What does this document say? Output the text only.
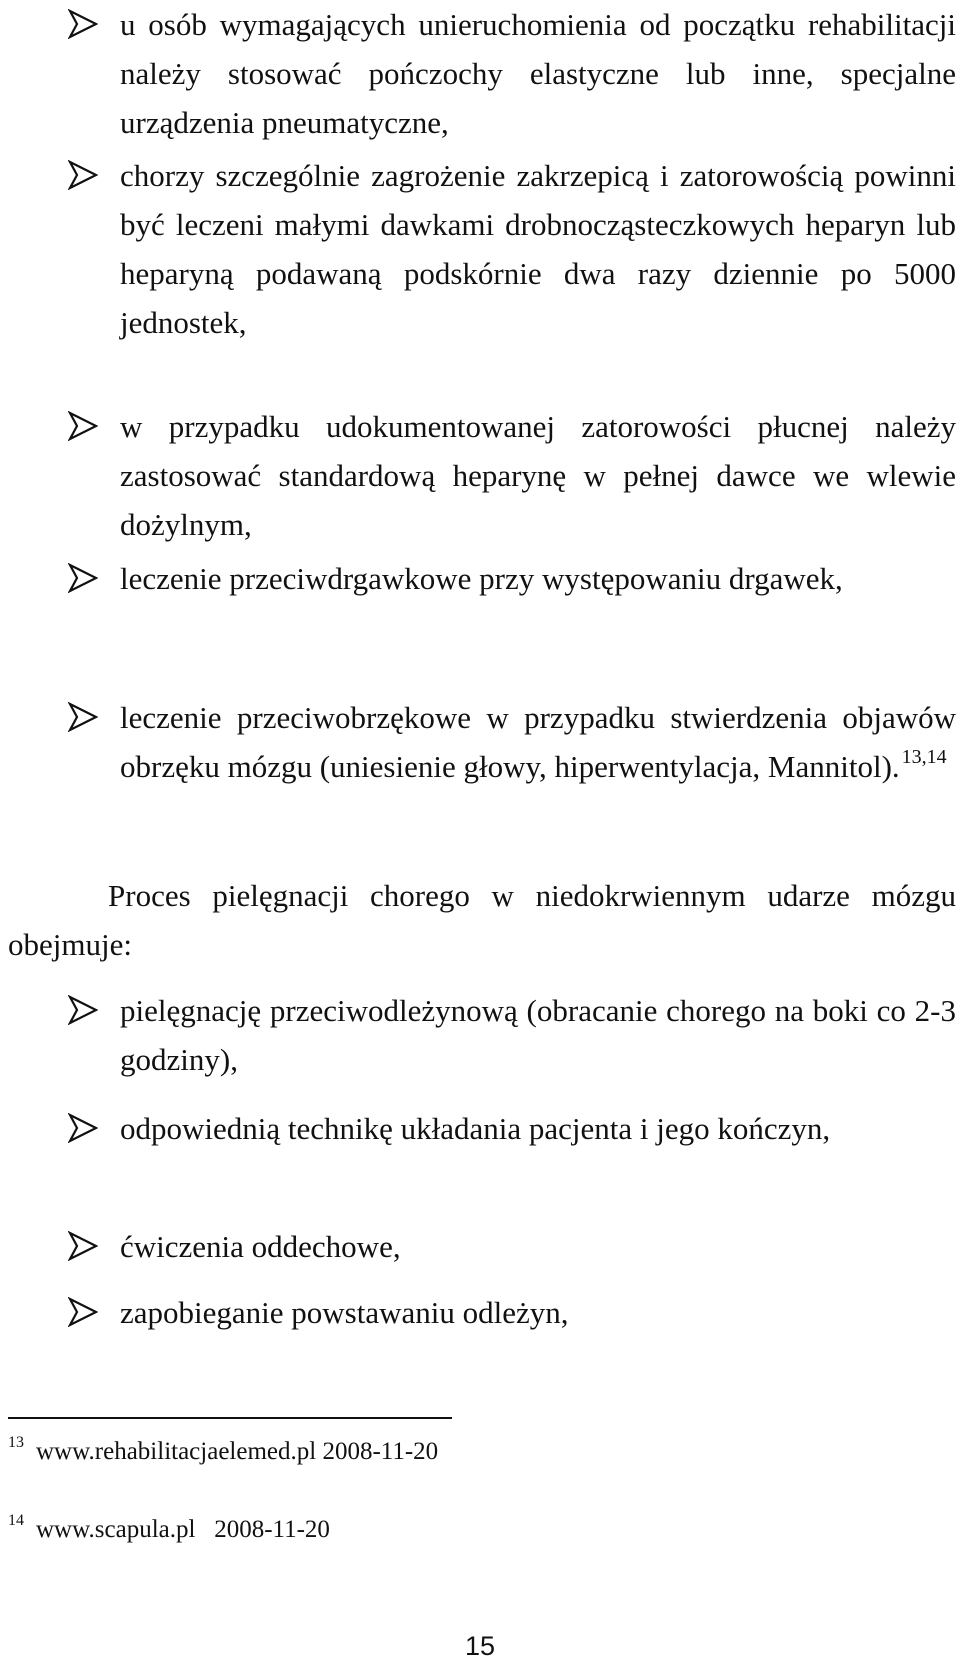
u osób wymagających unieruchomienia od początku rehabilitacji należy stosować pończochy elastyczne lub inne, specjalne urządzenia pneumatyczne,
chorzy szczególnie zagrożenie zakrzepicą i zatorowością powinni być leczeni małymi dawkami drobnocząsteczkowych heparyn lub heparyną podawaną podskórnie dwa razy dziennie po 5000 jednostek,
w przypadku udokumentowanej zatorowości płucnej należy zastosować standardową heparynę w pełnej dawce we wlewie dożylnym,
leczenie przeciwdrgawkowe przy występowaniu drgawek,
leczenie przeciwobrzękowe w przypadku stwierdzenia objawów obrzęku mózgu (uniesienie głowy, hiperwentylacja, Mannitol). $^{13,14}$

Proces pielęgnacji chorego w niedokrwiennym udarze mózgu obejmuje:

pielęgnację przeciwodleżynową (obracanie chorego na boki co 2-3 godziny),
odpowiednią technikę układania pacjenta i jego kończyn,
ćwiczenia oddechowe,
zapobieganie powstawaniu odleżyn,
13 www.rehabilitacjaelemed.pl 2008-11-20
14 www.scapula.pl   2008-11-20
15
